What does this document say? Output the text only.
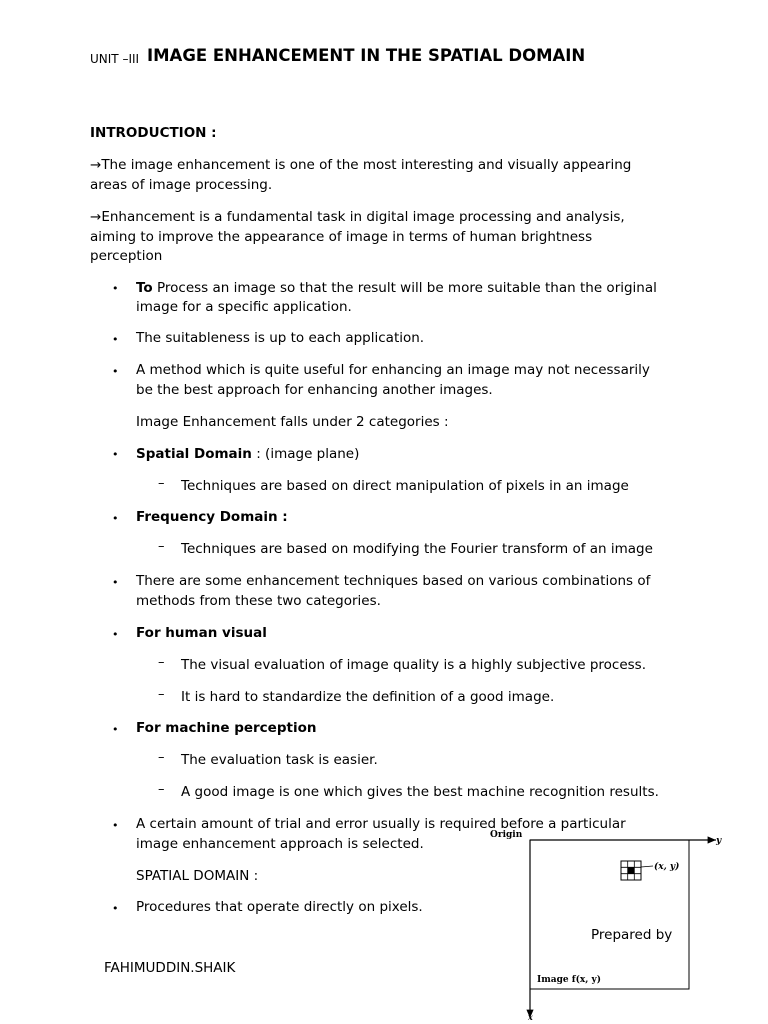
UNIT –III IMAGE ENHANCEMENT IN THE SPATIAL DOMAIN
INTRODUCTION :
→The image enhancement is one of the most interesting and visually appearing
areas of image processing.
→Enhancement is a fundamental task in digital image processing and analysis,
aiming to improve the appearance of image in terms of human brightness
perception
• To Process an image so that the result will be more suitable than the original
image for a specific application.
• The suitableness is up to each application.
• A method which is quite useful for enhancing an image may not necessarily
be the best approach for enhancing another images.
Image Enhancement falls under 2 categories :
• Spatial Domain : (image plane)
– Techniques are based on direct manipulation of pixels in an image
• Frequency Domain :
– Techniques are based on modifying the Fourier transform of an image
• There are some enhancement techniques based on various combinations of
methods from these two categories.
• For human visual
– The visual evaluation of image quality is a highly subjective process.
– It is hard to standardize the definition of a good image.
• For machine perception
– The evaluation task is easier.
– A good image is one which gives the best machine recognition results.
• A certain amount of trial and error usually is required before a particular
image enhancement approach is selected.
SPATIAL DOMAIN :
• Procedures that operate directly on pixels.
Prepared by
FAHIMUDDIN.SHAIK
Origin
y
x
(x, y)
Image f(x, y)
